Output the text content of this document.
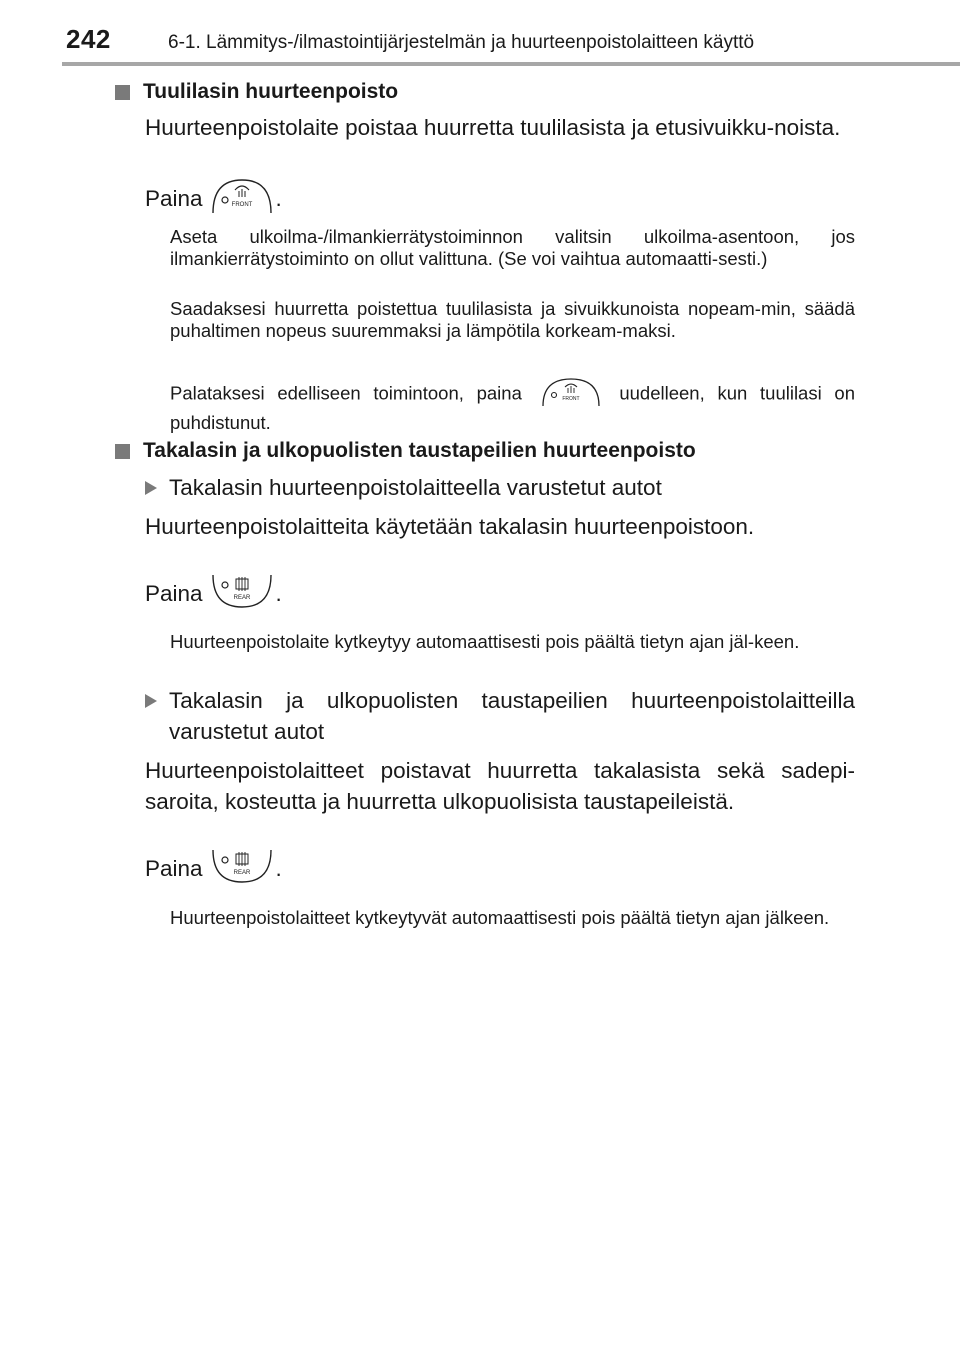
242	6-1. Lämmitys-/ilmastointijärjestelmän ja huurteenpoistolaitteen käyttö
Tuulilasin huurteenpoisto
Huurteenpoistolaite poistaa huurretta tuulilasista ja etusivuikku-noista.
Paina	FRONT .
Aseta ulkoilma-/ilmankierrätystoiminnon valitsin ulkoilma-asentoon, jos ilmankierrätystoiminto on ollut valittuna. (Se voi vaihtua automaatti-sesti.)
Saadaksesi huurretta poistettua tuulilasista ja sivuikkunoista nopeam-min, säädä puhaltimen nopeus suuremmaksi ja lämpötila korkeam-maksi.
Palataksesi edelliseen toimintoon, paina	FRONT uudelleen, kun tuulilasi on puhdistunut.
Takalasin ja ulkopuolisten taustapeilien huurteenpoisto
Takalasin huurteenpoistolaitteella varustetut autot
Huurteenpoistolaitteita käytetään takalasin huurteenpoistoon.
Paina	REAR .
Huurteenpoistolaite kytkeytyy automaattisesti pois päältä tietyn ajan jäl-keen.
Takalasin ja ulkopuolisten taustapeilien huurteenpoistolaitteilla varustetut autot
Huurteenpoistolaitteet poistavat huurretta takalasista sekä sadepi-saroita, kosteutta ja huurretta ulkopuolisista taustapeileistä.
Paina	REAR .
Huurteenpoistolaitteet kytkeytyvät automaattisesti pois päältä tietyn ajan jälkeen.
